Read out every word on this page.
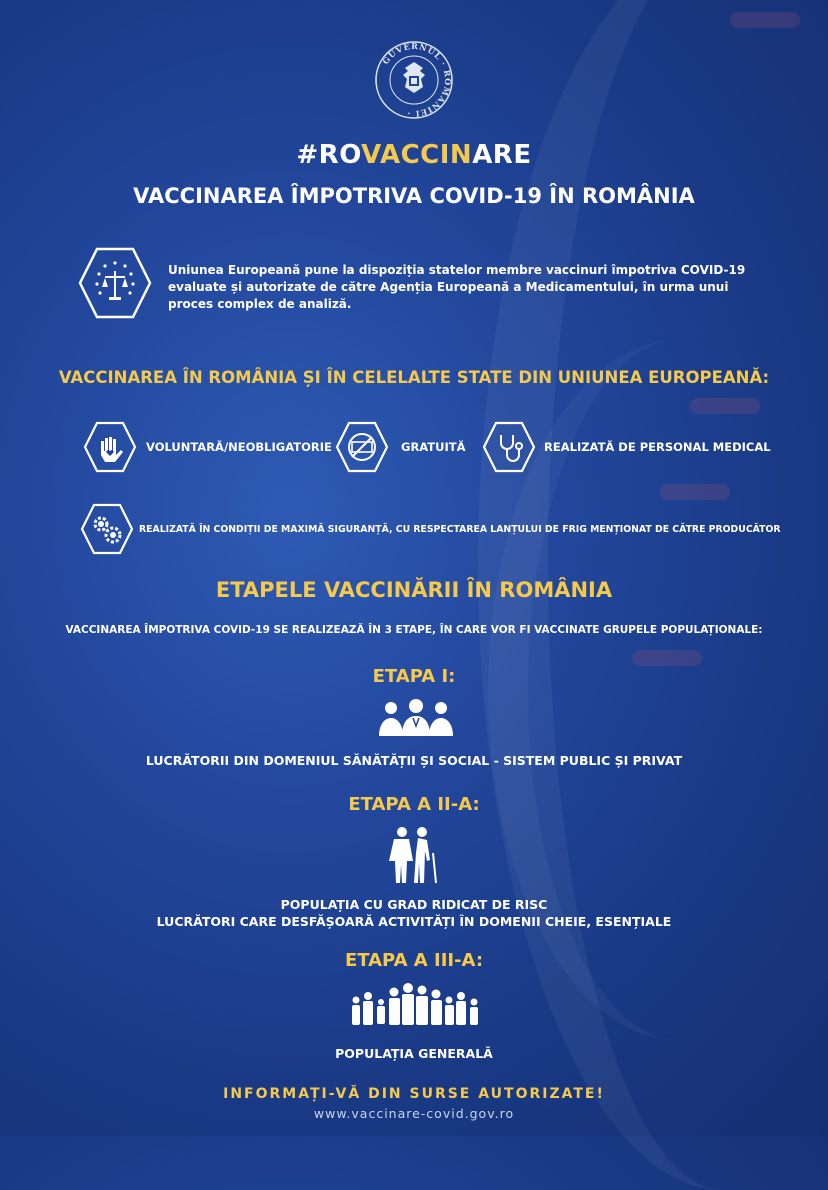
GUVERNUL · ROMÂNIEI ·
#ROVACCINARE
VACCINAREA ÎMPOTRIVA COVID-19 ÎN ROMÂNIA
Uniunea Europeană pune la dispoziția statelor membre vaccinuri împotriva COVID-19
evaluate și autorizate de către Agenția Europeană a Medicamentului, în urma unui
proces complex de analiză.
VACCINAREA ÎN ROMÂNIA ȘI ÎN CELELALTE STATE DIN UNIUNEA EUROPEANĂ:
VOLUNTARĂ/NEOBLIGATORIE	GRATUITĂ	REALIZATĂ DE PERSONAL MEDICAL
REALIZATĂ ÎN CONDIȚII DE MAXIMĂ SIGURANȚĂ, CU RESPECTAREA LANȚULUI DE FRIG MENȚIONAT DE CĂTRE PRODUCĂTOR
ETAPELE VACCINĂRII ÎN ROMÂNIA
VACCINAREA ÎMPOTRIVA COVID-19 SE REALIZEAZĂ ÎN 3 ETAPE, ÎN CARE VOR FI VACCINATE GRUPELE POPULAȚIONALE:
ETAPA I:
LUCRĂTORII DIN DOMENIUL SĂNĂTĂȚII ȘI SOCIAL - SISTEM PUBLIC ȘI PRIVAT
ETAPA A II-A:
POPULAȚIA CU GRAD RIDICAT DE RISC
LUCRĂTORI CARE DESFĂȘOARĂ ACTIVITĂȚI ÎN DOMENII CHEIE, ESENȚIALE
ETAPA A III-A:
POPULAȚIA GENERALĂ
INFORMAȚI-VĂ DIN SURSE AUTORIZATE!
www.vaccinare-covid.gov.ro
